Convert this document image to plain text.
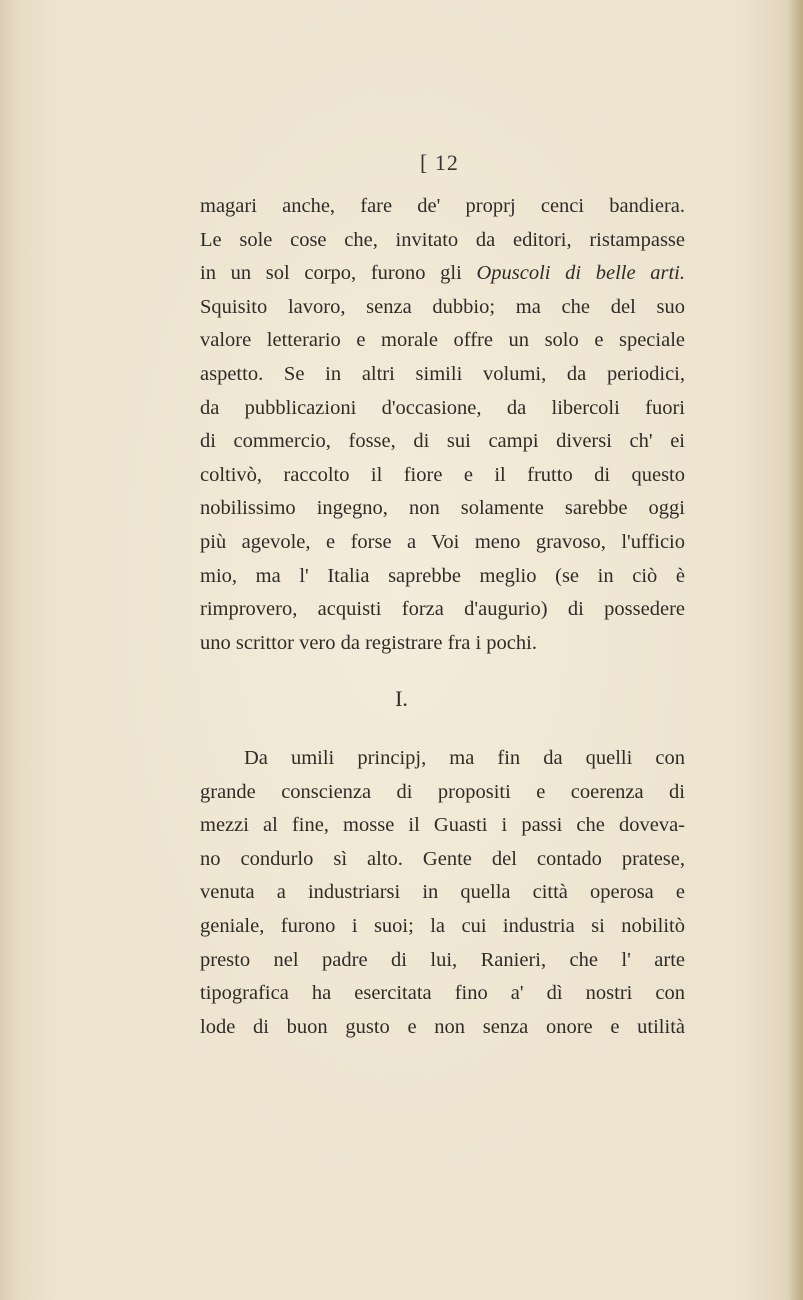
[ 12
magari anche, fare de' proprj cenci bandiera.
Le sole cose che, invitato da editori, ristampasse
in un sol corpo, furono gli Opuscoli di belle arti.
Squisito lavoro, senza dubbio; ma che del suo
valore letterario e morale offre un solo e speciale
aspetto. Se in altri simili volumi, da periodici,
da pubblicazioni d'occasione, da libercoli fuori
di commercio, fosse, di sui campi diversi ch' ei
coltivò, raccolto il fiore e il frutto di questo
nobilissimo ingegno, non solamente sarebbe oggi
più agevole, e forse a Voi meno gravoso, l'ufficio
mio, ma l' Italia saprebbe meglio (se in ciò è
rimprovero, acquisti forza d'augurio) di possedere
uno scrittor vero da registrare fra i pochi.
I.
Da umili principj, ma fin da quelli con
grande conscienza di propositi e coerenza di
mezzi al fine, mosse il Guasti i passi che doveva-
no condurlo sì alto. Gente del contado pratese,
venuta a industriarsi in quella città operosa e
geniale, furono i suoi; la cui industria si nobilitò
presto nel padre di lui, Ranieri, che l' arte
tipografica ha esercitata fino a' dì nostri con
lode di buon gusto e non senza onore e utilità
